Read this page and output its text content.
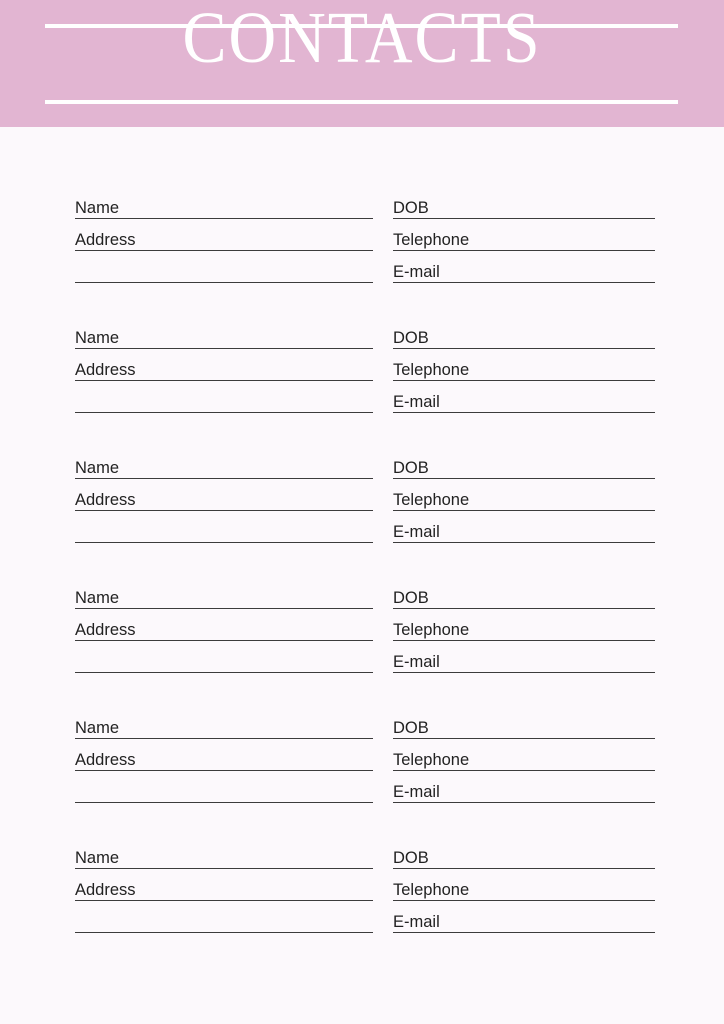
CONTACTS
Name
Address
DOB
Telephone
E-mail
Name
Address
DOB
Telephone
E-mail
Name
Address
DOB
Telephone
E-mail
Name
Address
DOB
Telephone
E-mail
Name
Address
DOB
Telephone
E-mail
Name
Address
DOB
Telephone
E-mail
